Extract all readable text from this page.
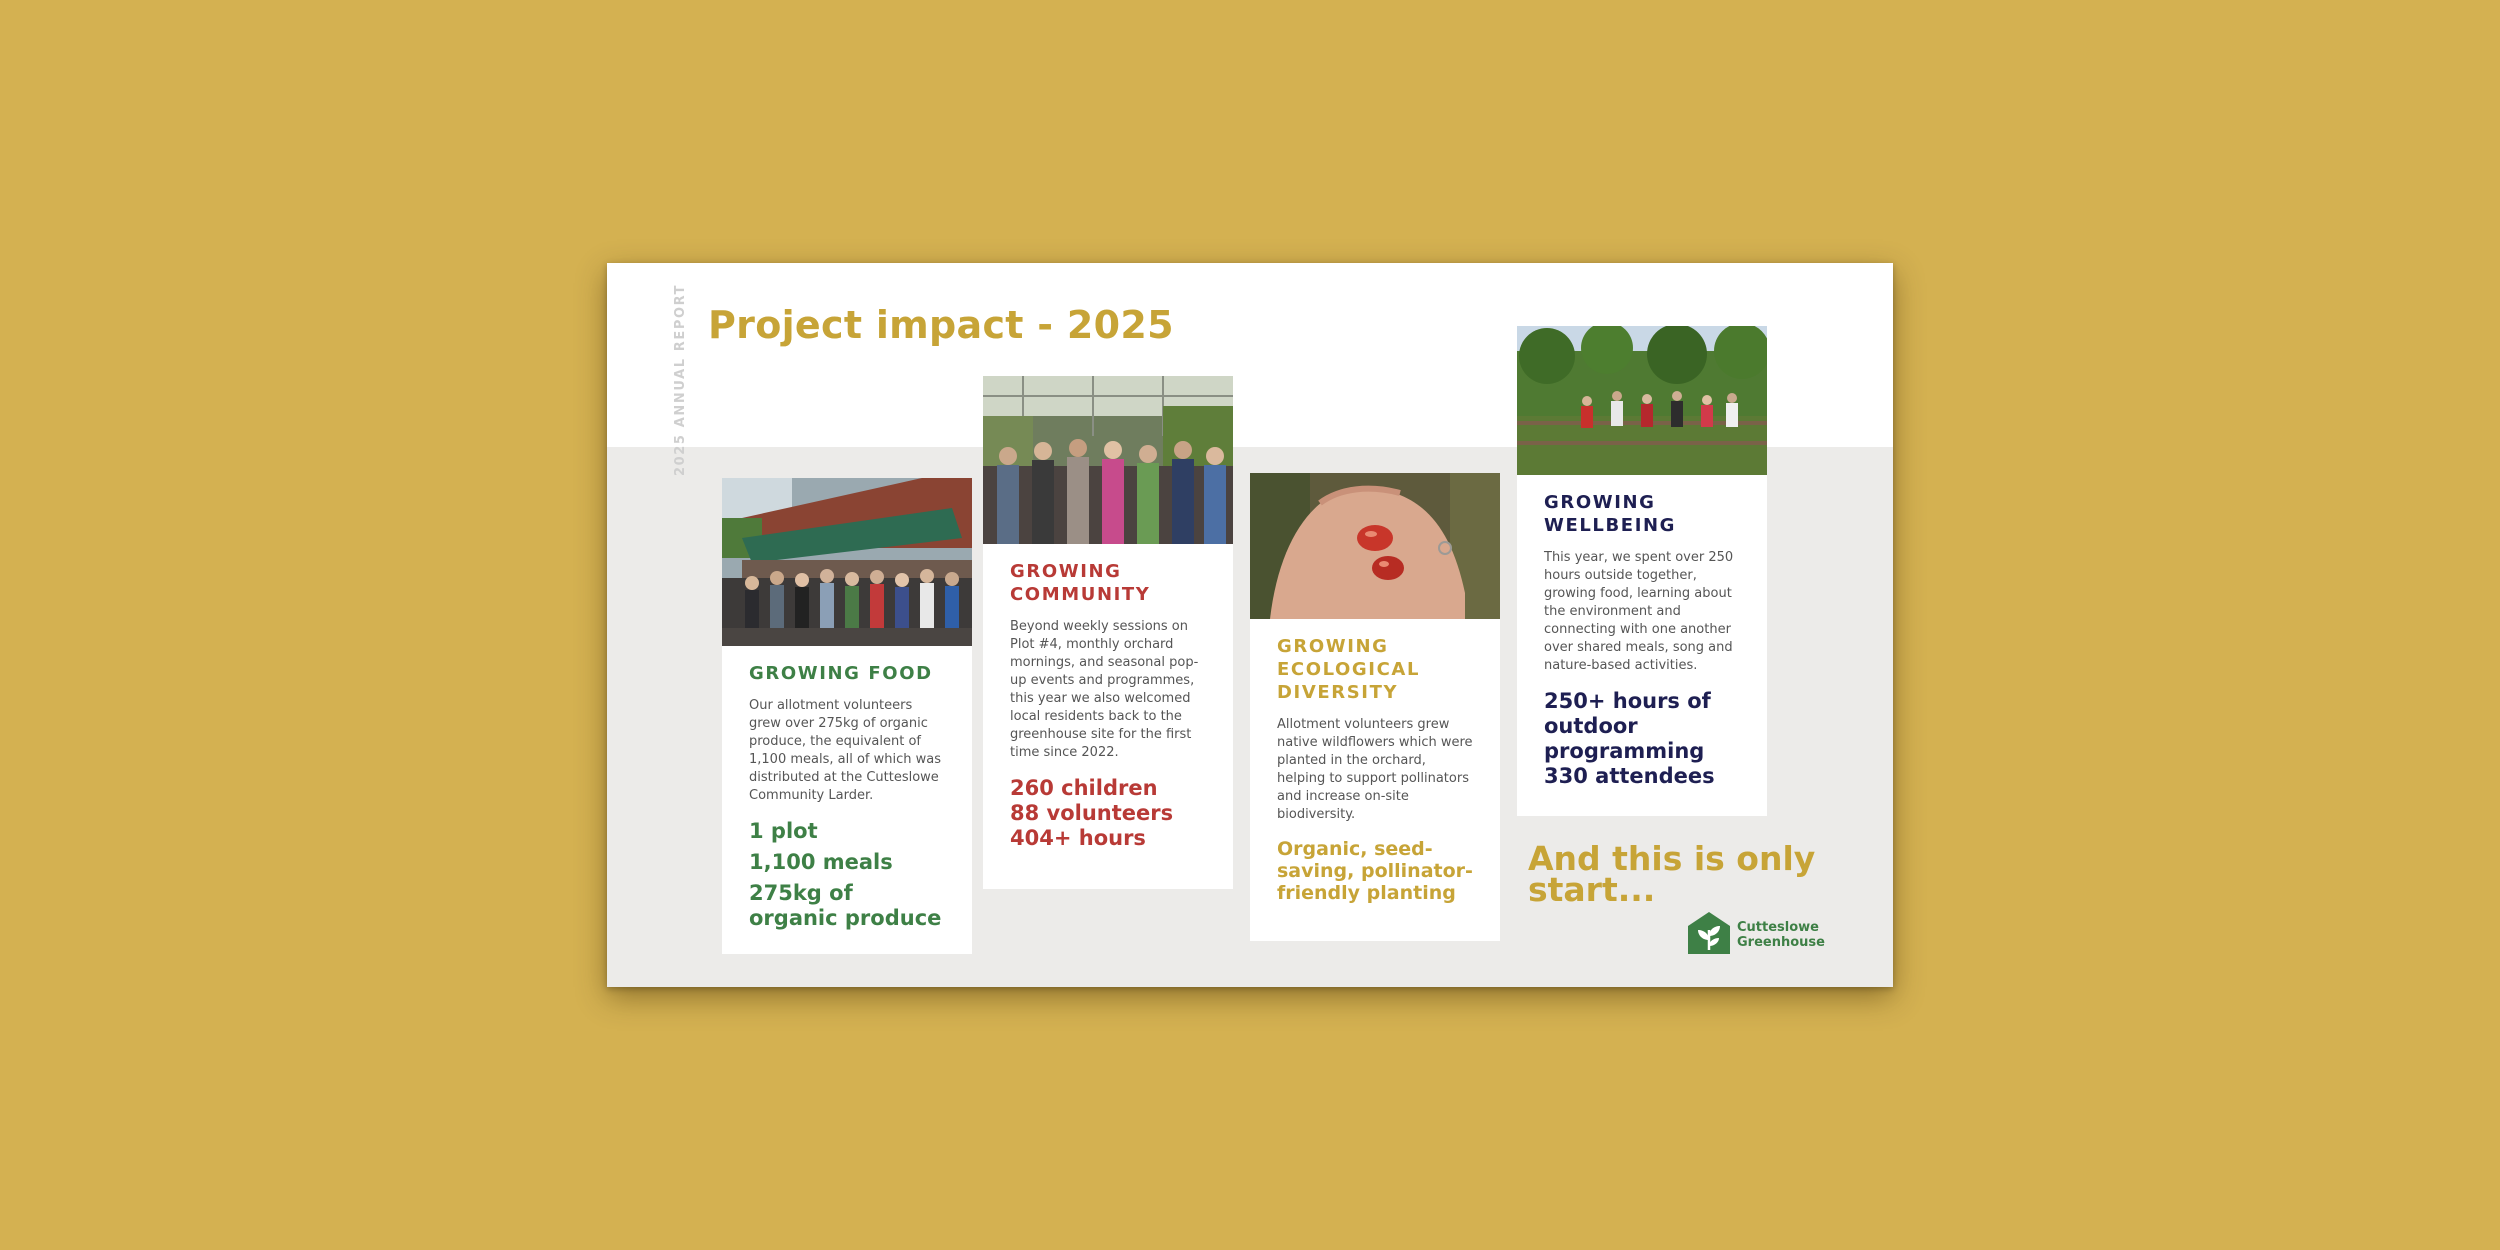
2025 ANNUAL REPORT Project impact - 2025
GROWING FOOD

Our allotment volunteers grew over 275kg of organic produce, the equivalent of 1,100 meals, all of which was distributed at the Cutteslowe Community Larder.

1 plot
1,100 meals
275kg of organic produce
GROWING COMMUNITY

Beyond weekly sessions on Plot #4, monthly orchard mornings, and seasonal pop-up events and programmes, this year we also welcomed local residents back to the greenhouse site for the first time since 2022.

260 children
88 volunteers
404+ hours
GROWING ECOLOGICAL DIVERSITY

Allotment volunteers grew native wildflowers which were planted in the orchard, helping to support pollinators and increase on-site biodiversity.

Organic, seed-saving, pollinator-friendly planting
GROWING WELLBEING

This year, we spent over 250 hours outside together, growing food, learning about the environment and connecting with one another over shared meals, song and nature-based activities.

250+ hours of outdoor programming
330 attendees
And this is only start...
Cutteslowe
Greenhouse
